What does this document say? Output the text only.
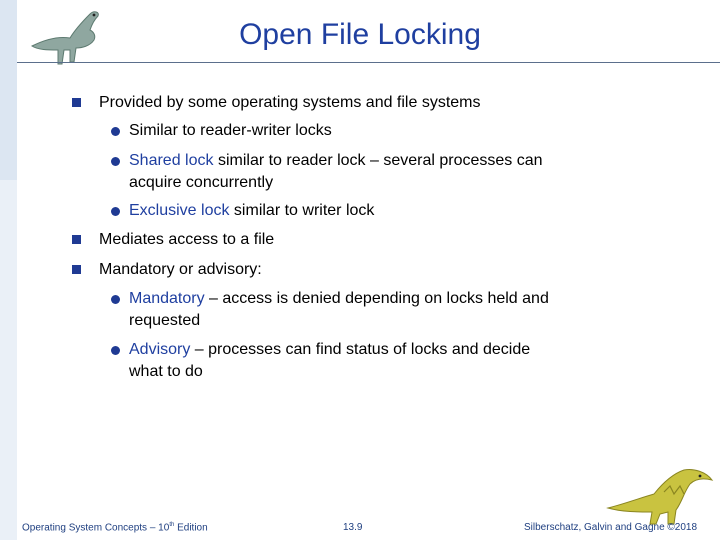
Open File Locking
Provided by some operating systems and file systems
Similar to reader-writer locks
Shared lock similar to reader lock – several processes can
acquire concurrently
Exclusive lock similar to writer lock
Mediates access to a file
Mandatory or advisory:
Mandatory – access is denied depending on locks held and
requested
Advisory – processes can find status of locks and decide
what to do
Operating System Concepts – 10th Edition	13.9	Silberschatz, Galvin and Gagne ©2018
